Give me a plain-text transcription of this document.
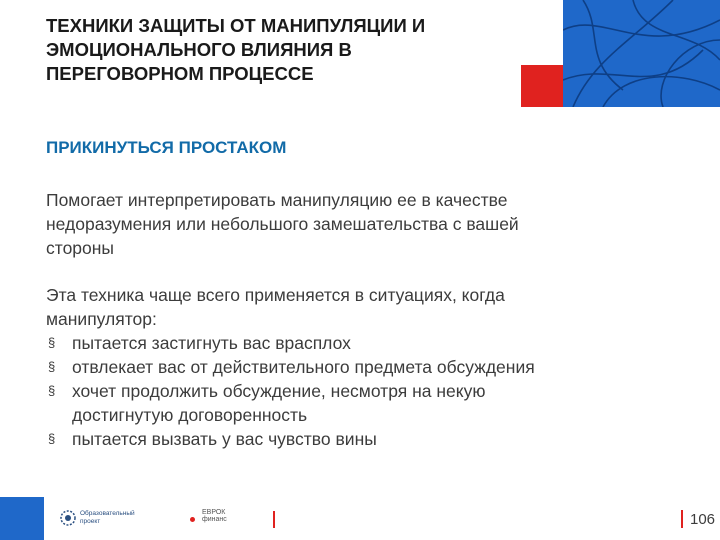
ТЕХНИКИ ЗАЩИТЫ ОТ МАНИПУЛЯЦИИ И
ЭМОЦИОНАЛЬНОГО ВЛИЯНИЯ В
ПЕРЕГОВОРНОМ ПРОЦЕССЕ
ПРИКИНУТЬСЯ ПРОСТАКОМ

Помогает интерпретировать манипуляцию ее в качестве
недоразумения или небольшого замешательства с вашей
стороны

Эта техника чаще всего применяется в ситуациях, когда
манипулятор:

§ пытается застигнуть вас врасплох
§ отвлекает вас от действительного предмета обсуждения
§ хочет продолжить обсуждение, несмотря на некую
достигнутую договоренность
§ пытается вызвать у вас чувство вины
Образовательный
проект
ЕВРОК
финанс	106
